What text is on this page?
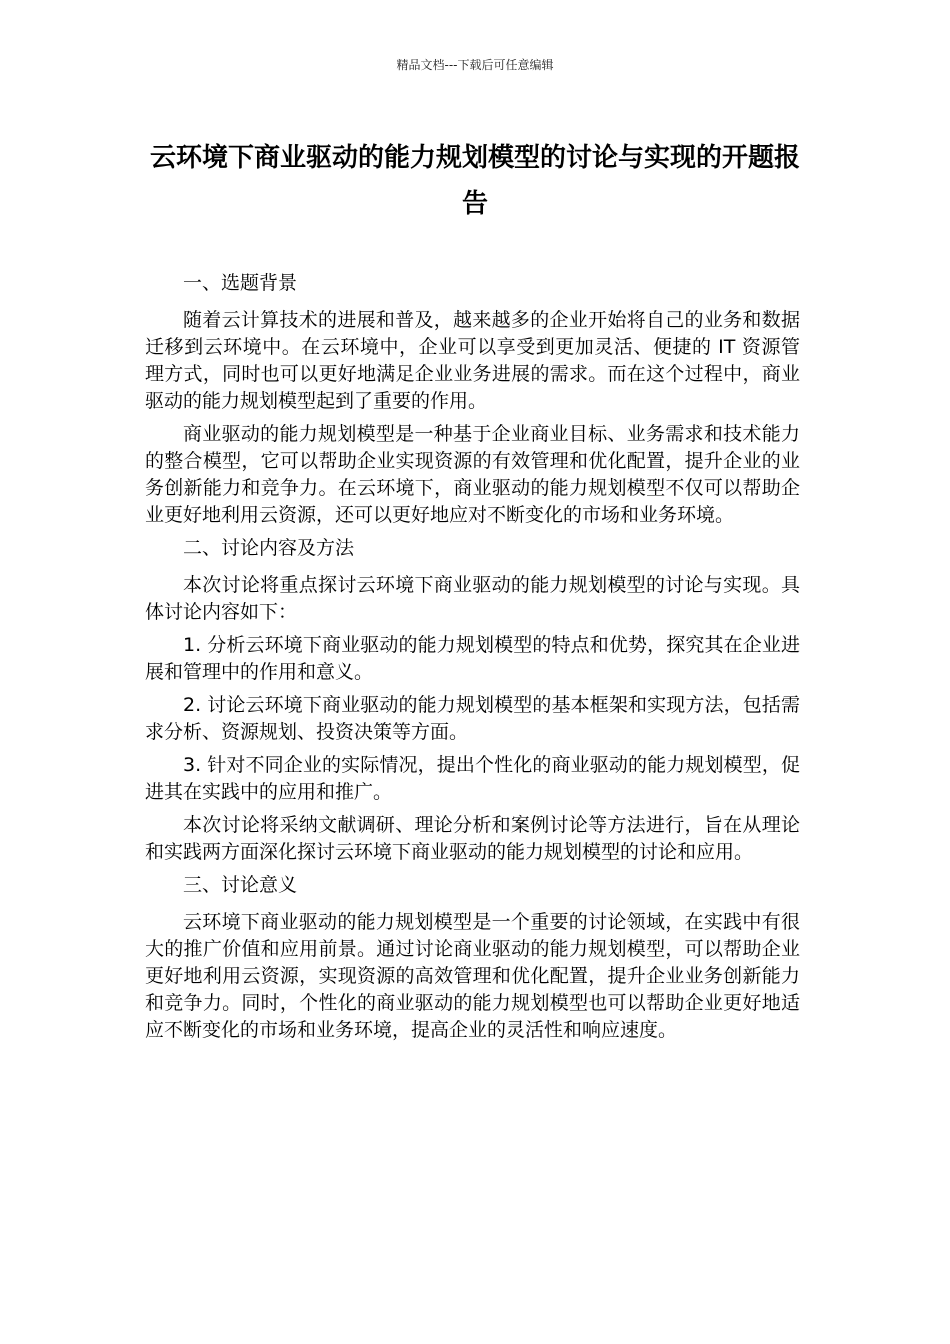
精品文档---下载后可任意编辑
云环境下商业驱动的能力规划模型的讨论与实现的开题报告

一、选题背景

随着云计算技术的进展和普及，越来越多的企业开始将自己的业务和数据迁移到云环境中。在云环境中，企业可以享受到更加灵活、便捷的 IT 资源管理方式，同时也可以更好地满足企业业务进展的需求。而在这个过程中，商业驱动的能力规划模型起到了重要的作用。

商业驱动的能力规划模型是一种基于企业商业目标、业务需求和技术能力的整合模型，它可以帮助企业实现资源的有效管理和优化配置，提升企业的业务创新能力和竞争力。在云环境下，商业驱动的能力规划模型不仅可以帮助企业更好地利用云资源，还可以更好地应对不断变化的市场和业务环境。

二、讨论内容及方法

本次讨论将重点探讨云环境下商业驱动的能力规划模型的讨论与实现。具体讨论内容如下：

1. 分析云环境下商业驱动的能力规划模型的特点和优势，探究其在企业进展和管理中的作用和意义。

2. 讨论云环境下商业驱动的能力规划模型的基本框架和实现方法，包括需求分析、资源规划、投资决策等方面。

3. 针对不同企业的实际情况，提出个性化的商业驱动的能力规划模型，促进其在实践中的应用和推广。

本次讨论将采纳文献调研、理论分析和案例讨论等方法进行，旨在从理论和实践两方面深化探讨云环境下商业驱动的能力规划模型的讨论和应用。

三、讨论意义

云环境下商业驱动的能力规划模型是一个重要的讨论领域，在实践中有很大的推广价值和应用前景。通过讨论商业驱动的能力规划模型，可以帮助企业更好地利用云资源，实现资源的高效管理和优化配置，提升企业业务创新能力和竞争力。同时，个性化的商业驱动的能力规划模型也可以帮助企业更好地适应不断变化的市场和业务环境，提高企业的灵活性和响应速度。
